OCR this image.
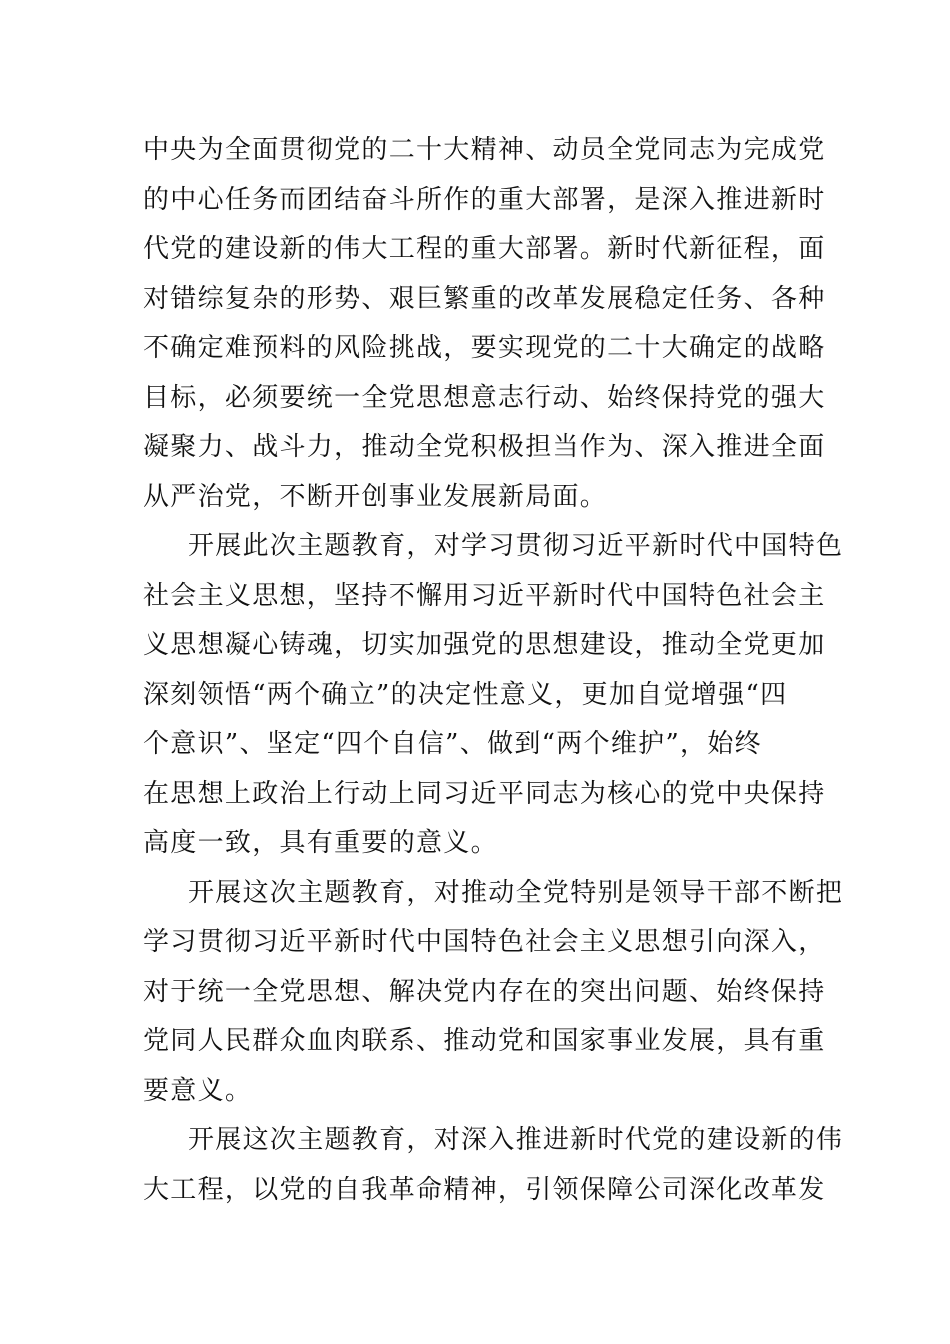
中央为全面贯彻党的二十大精神、动员全党同志为完成党
的中心任务而团结奋斗所作的重大部署，是深入推进新时
代党的建设新的伟大工程的重大部署。新时代新征程，面
对错综复杂的形势、艰巨繁重的改革发展稳定任务、各种
不确定难预料的风险挑战，要实现党的二十大确定的战略
目标，必须要统一全党思想意志行动、始终保持党的强大
凝聚力、战斗力，推动全党积极担当作为、深入推进全面
从严治党，不断开创事业发展新局面。
开展此次主题教育，对学习贯彻习近平新时代中国特色
社会主义思想，坚持不懈用习近平新时代中国特色社会主
义思想凝心铸魂，切实加强党的思想建设，推动全党更加
深刻领悟“两个确立”的决定性意义，更加自觉增强“四
个意识”、坚定“四个自信”、做到“两个维护”，始终
在思想上政治上行动上同习近平同志为核心的党中央保持
高度一致，具有重要的意义。
开展这次主题教育，对推动全党特别是领导干部不断把
学习贯彻习近平新时代中国特色社会主义思想引向深入，
对于统一全党思想、解决党内存在的突出问题、始终保持
党同人民群众血肉联系、推动党和国家事业发展，具有重
要意义。
开展这次主题教育，对深入推进新时代党的建设新的伟
大工程，以党的自我革命精神，引领保障公司深化改革发
